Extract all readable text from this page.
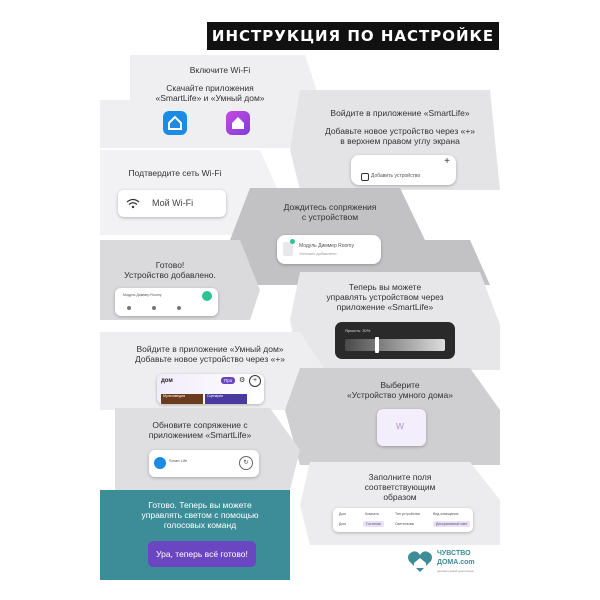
ИНСТРУКЦИЯ ПО НАСТРОЙКЕ
Включите Wi-Fi
Скачайте приложения
«SmartLife» и «Умный дом»
Войдите в приложение «SmartLife»
Добавьте новое устройство через «+»
в верхнем правом углу экрана
+
Добавить устройство
Подтвердите сеть Wi-Fi
Мой Wi-Fi	Дождитесь сопряжения
с устройством
Модуль Диммер Roomy
Успешно добавлено
Готово!
Устройство добавлено.
Модуль Диммер Roomy
Теперь вы можете
управлять устройством через
приложение «SmartLife»
Яркость: 30%
Войдите в приложение «Умный дом»
Добавьте новое устройство через «+»
дом	Про ⚙	+
Мультимедиа	Сценарии
Выберите
«Устройство умного дома»
ᴡ
Обновите сопряжение с
приложением «SmartLife»
Smart Life	↻
Заполните поля
соответствующим
образом
Дом	Комната	Тип устройства	Вид освещения
Дом	Гостиная	Светильник	Декоративный свет
Готово. Теперь вы можете
управлять светом с помощью
голосовых команд
Ура, теперь всё готово!	ЧУВСТВО
ДОМА.com
делаем умный дом проще
